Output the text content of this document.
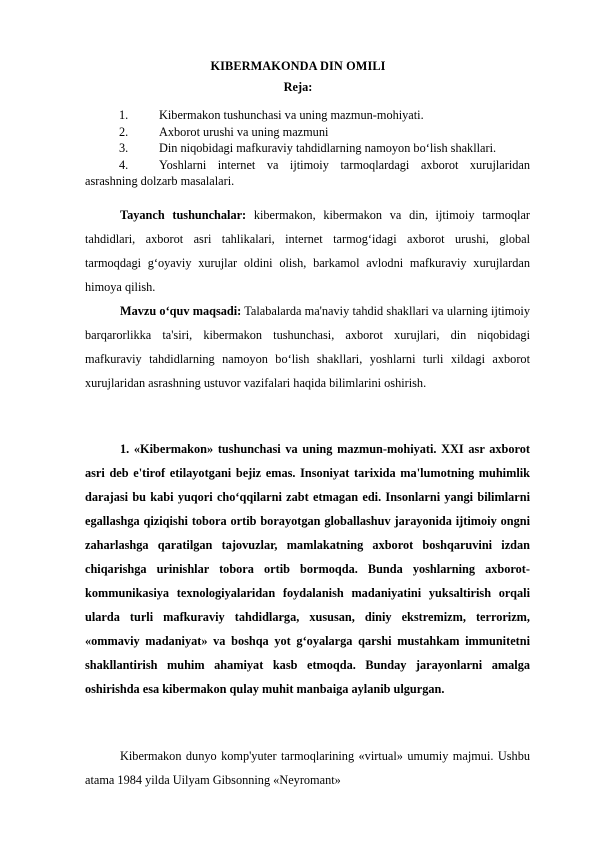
KIBERMAKONDA DIN OMILI
Reja:
1.	Kibermakon tushunchasi va uning mazmun-mohiyati.
2.	Axborot urushi va uning mazmuni
3.	Din niqobidagi mafkuraviy tahdidlarning namoyon bo‘lish shakllari.
4.	Yoshlarni internet va ijtimoiy tarmoqlardagi axborot xurujlaridan
asrashning dolzarb masalalari.
Tayanch tushunchalar: kibermakon, kibermakon va din, ijtimoiy tarmoqlar tahdidlari, axborot asri tahlikalari, internet tarmog‘idagi axborot urushi, global tarmoqdagi g‘oyaviy xurujlar oldini olish, barkamol avlodni mafkuraviy xurujlardan himoya qilish.
Mavzu o‘quv maqsadi: Talabalarda ma'naviy tahdid shakllari va ularning ijtimoiy barqarorlikka ta'siri, kibermakon tushunchasi, axborot xurujlari, din niqobidagi mafkuraviy tahdidlarning namoyon bo‘lish shakllari, yoshlarni turli xildagi axborot xurujlaridan asrashning ustuvor vazifalari haqida bilimlarini oshirish.
1. «Kibermakon» tushunchasi va uning mazmun-mohiyati. XXI asr axborot asri deb e'tirof etilayotgani bejiz emas. Insoniyat tarixida ma'lumotning muhimlik darajasi bu kabi yuqori cho‘qqilarni zabt etmagan edi. Insonlarni yangi bilimlarni egallashga qiziqishi tobora ortib borayotgan globallashuv jarayonida ijtimoiy ongni zaharlashga qaratilgan tajovuzlar, mamlakatning axborot boshqaruvini izdan chiqarishga urinishlar tobora ortib bormoqda. Bunda yoshlarning axborot-kommunikasiya texnologiyalaridan foydalanish madaniyatini yuksaltirish orqali ularda turli mafkuraviy tahdidlarga, xususan, diniy ekstremizm, terrorizm, «ommaviy madaniyat» va boshqa yot g‘oyalarga qarshi mustahkam immunitetni shakllantirish muhim ahamiyat kasb etmoqda. Bunday jarayonlarni amalga oshirishda esa kibermakon qulay muhit manbaiga aylanib ulgurgan.
Kibermakon dunyo komp'yuter tarmoqlarining «virtual» umumiy majmui. Ushbu atama 1984 yilda Uilyam Gibsonning «Neyromant»
